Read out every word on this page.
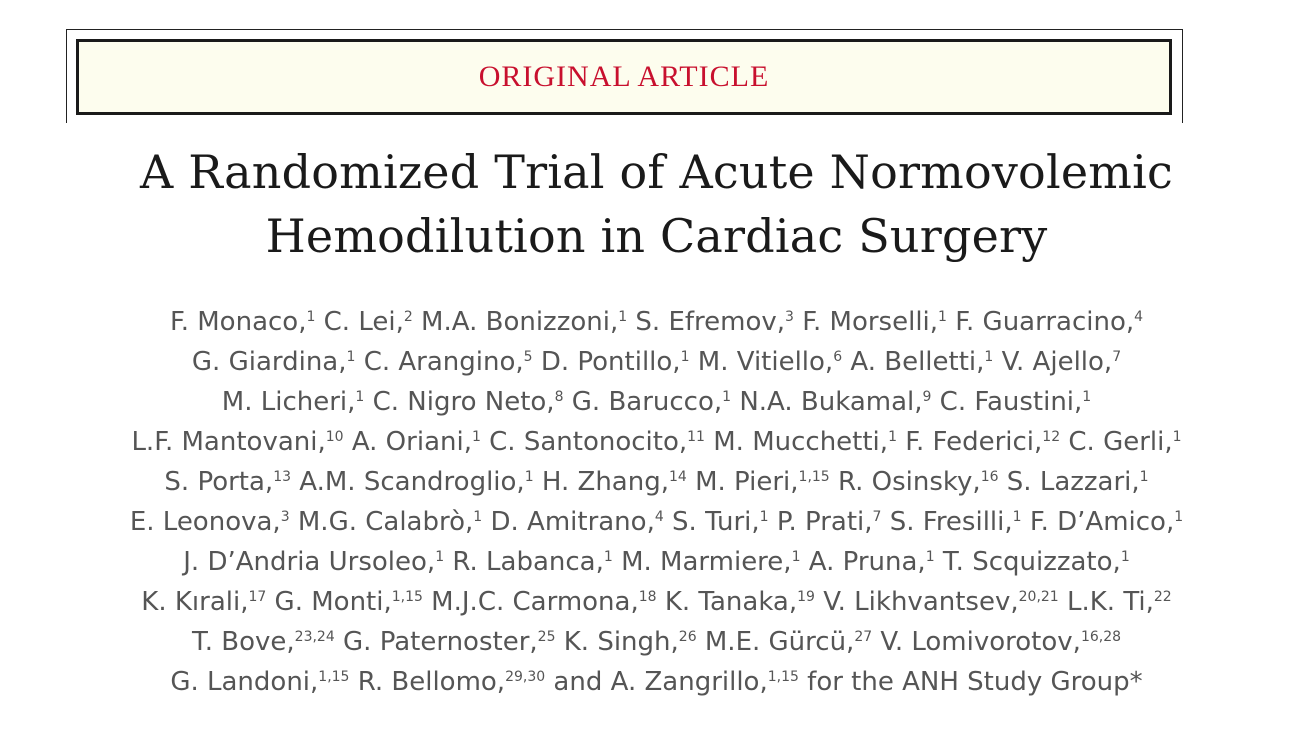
ORIGINAL ARTICLE
A Randomized Trial of Acute Normovolemic
Hemodilution in Cardiac Surgery
F. Monaco,$^1$ C. Lei,$^2$ M.A. Bonizzoni,$^1$ S. Efremov,$^3$ F. Morselli,$^1$ F. Guarracino,$^4$
G. Giardina,$^1$ C. Arangino,$^5$ D. Pontillo,$^1$ M. Vitiello,$^6$ A. Belletti,$^1$ V. Ajello,$^7$
M. Licheri,$^1$ C. Nigro Neto,$^8$ G. Barucco,$^1$ N.A. Bukamal,$^9$ C. Faustini,$^1$
L.F. Mantovani,$^{10}$ A. Oriani,$^1$ C. Santonocito,$^{11}$ M. Mucchetti,$^1$ F. Federici,$^{12}$ C. Gerli,$^1$
S. Porta,$^{13}$ A.M. Scandroglio,$^1$ H. Zhang,$^{14}$ M. Pieri,$^{1,15}$ R. Osinsky,$^{16}$ S. Lazzari,$^1$
E. Leonova,$^3$ M.G. Calabrò,$^1$ D. Amitrano,$^4$ S. Turi,$^1$ P. Prati,$^7$ S. Fresilli,$^1$ F. D’Amico,$^1$
J. D’Andria Ursoleo,$^1$ R. Labanca,$^1$ M. Marmiere,$^1$ A. Pruna,$^1$ T. Scquizzato,$^1$
K. Kırali,$^{17}$ G. Monti,$^{1,15}$ M.J.C. Carmona,$^{18}$ K. Tanaka,$^{19}$ V. Likhvantsev,$^{20,21}$ L.K. Ti,$^{22}$
T. Bove,$^{23,24}$ G. Paternoster,$^{25}$ K. Singh,$^{26}$ M.E. Gürcü,$^{27}$ V. Lomivorotov,$^{16,28}$
G. Landoni,$^{1,15}$ R. Bellomo,$^{29,30}$ and A. Zangrillo,$^{1,15}$ for the ANH Study Group*
